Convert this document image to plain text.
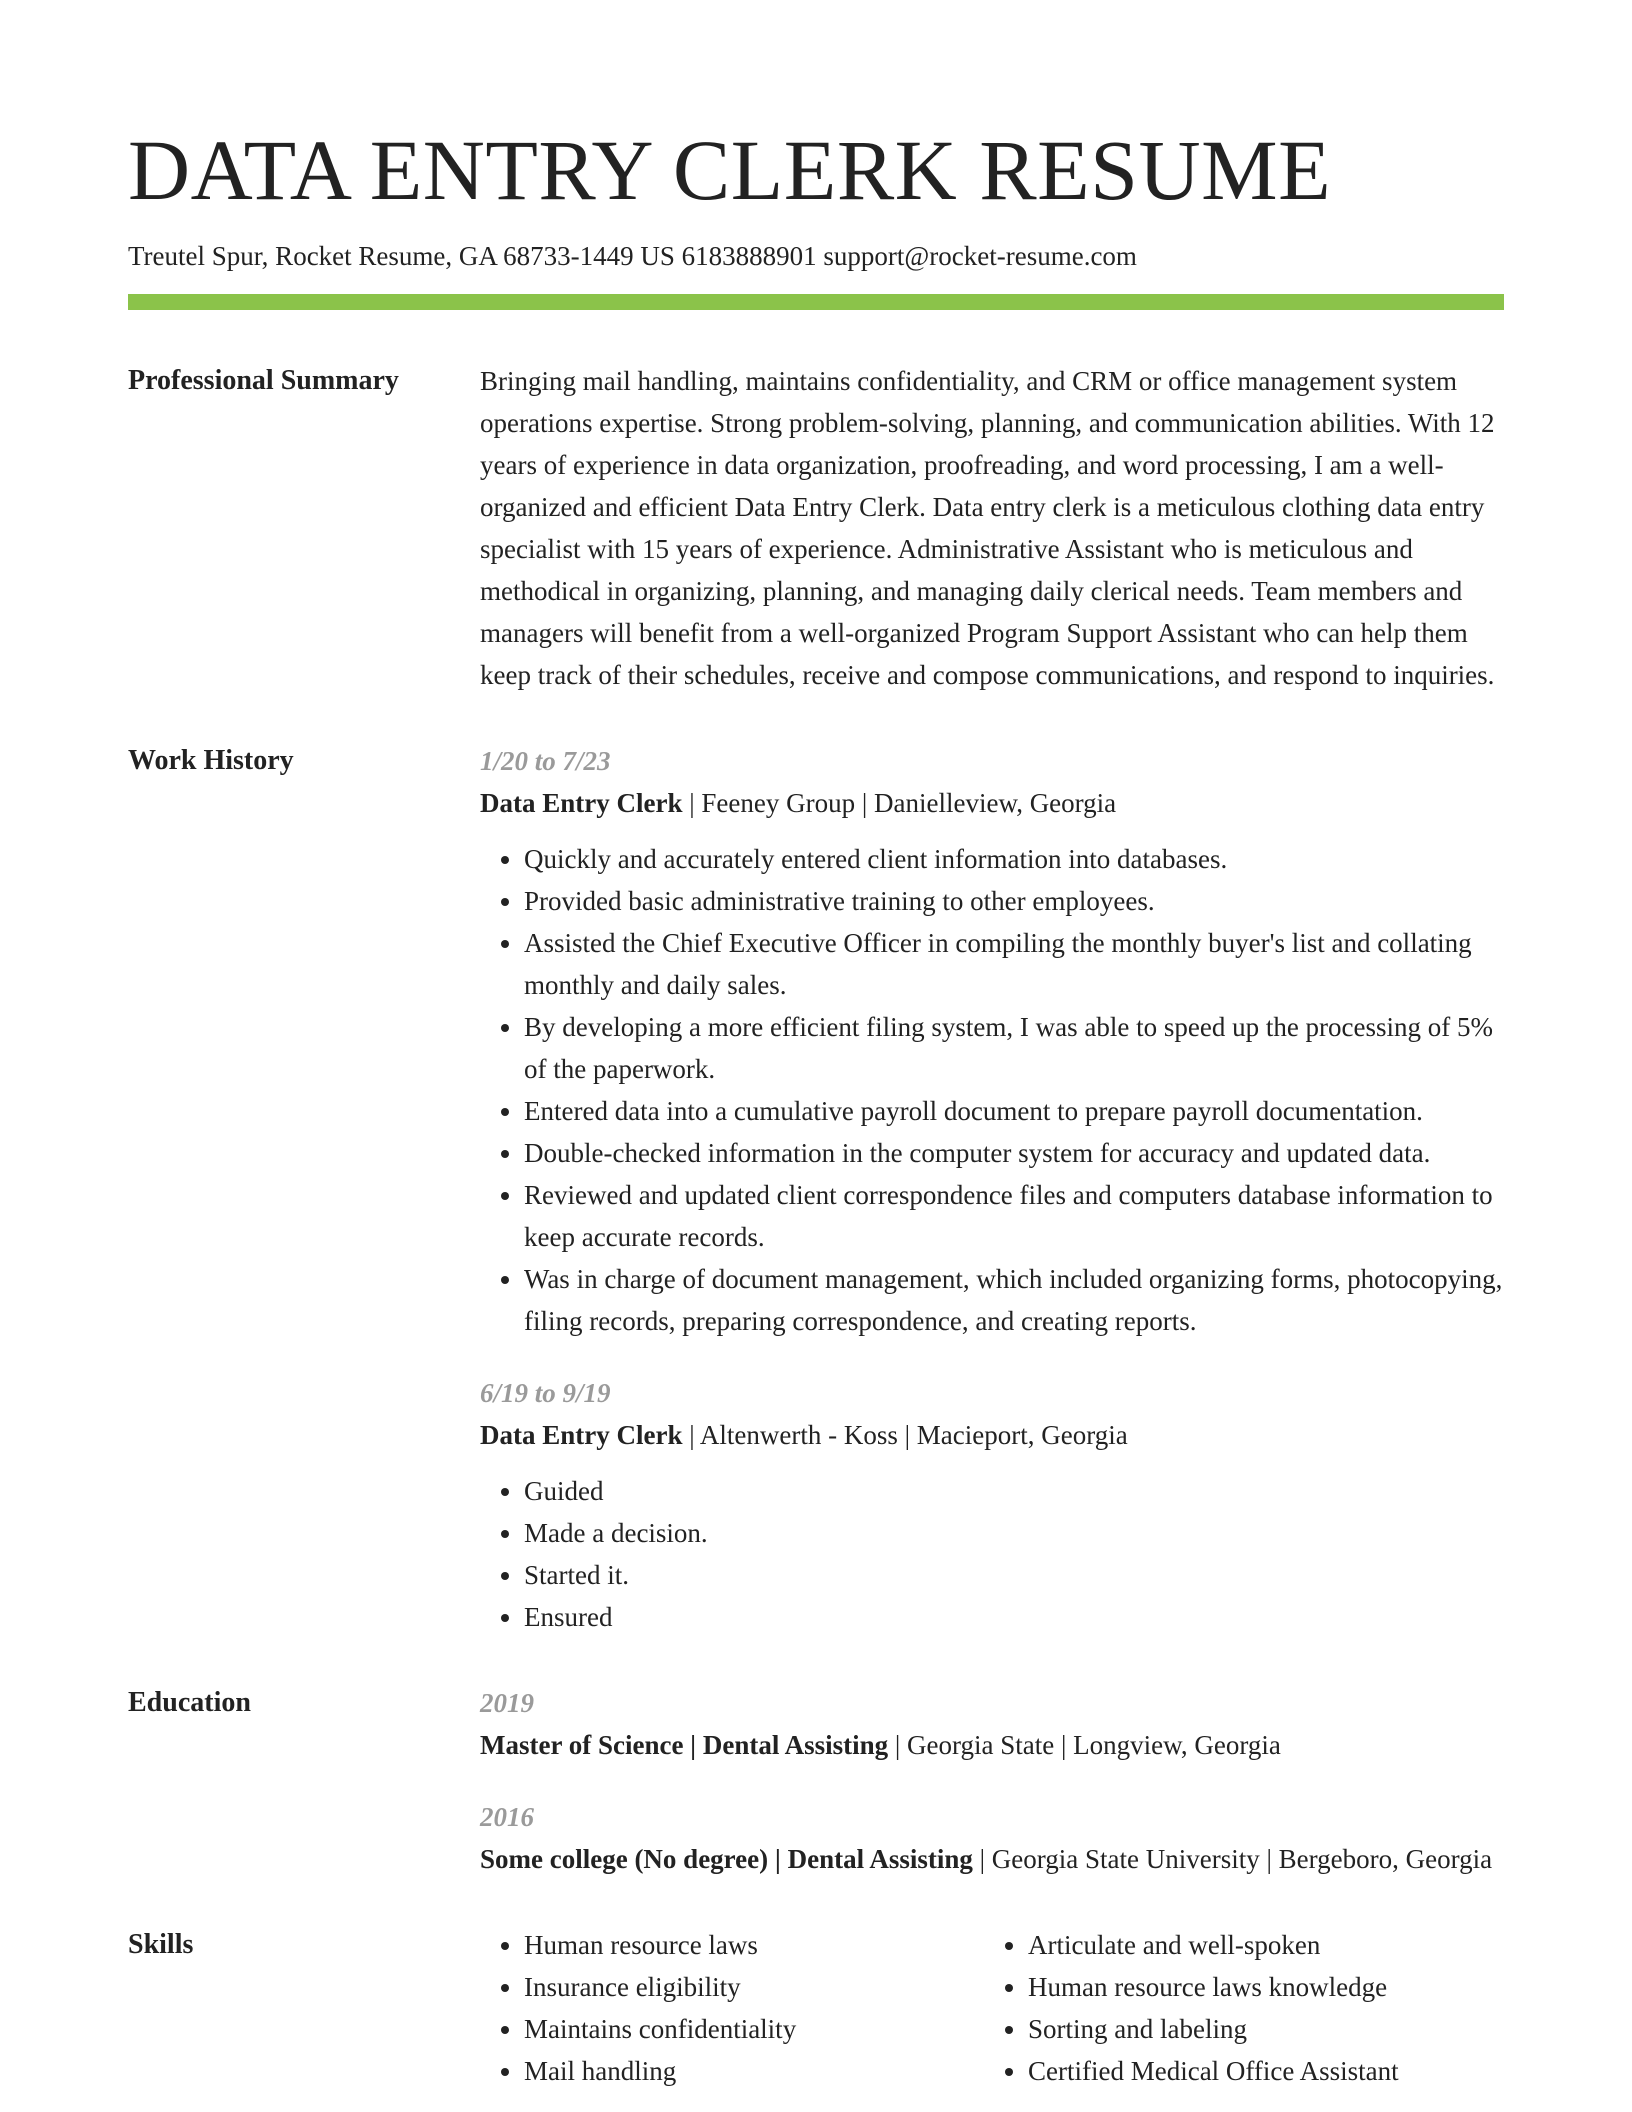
DATA ENTRY CLERK RESUME
Treutel Spur, Rocket Resume, GA 68733-1449 US 6183888901 support@rocket-resume.com
Professional Summary	Bringing mail handling, maintains confidentiality, and CRM or office management system operations expertise. Strong problem-solving, planning, and communication abilities. With 12 years of experience in data organization, proofreading, and word processing, I am a well-organized and efficient Data Entry Clerk. Data entry clerk is a meticulous clothing data entry specialist with 15 years of experience. Administrative Assistant who is meticulous and methodical in organizing, planning, and managing daily clerical needs. Team members and managers will benefit from a well-organized Program Support Assistant who can help them keep track of their schedules, receive and compose communications, and respond to inquiries.

Work History	1/20 to 7/23
Data Entry Clerk | Feeney Group | Danielleview, Georgia
• Quickly and accurately entered client information into databases.
• Provided basic administrative training to other employees.
• Assisted the Chief Executive Officer in compiling the monthly buyer's list and collating monthly and daily sales.
• By developing a more efficient filing system, I was able to speed up the processing of 5% of the paperwork.
• Entered data into a cumulative payroll document to prepare payroll documentation.
• Double-checked information in the computer system for accuracy and updated data.
• Reviewed and updated client correspondence files and computers database information to keep accurate records.
• Was in charge of document management, which included organizing forms, photocopying, filing records, preparing correspondence, and creating reports.
6/19 to 9/19
Data Entry Clerk | Altenwerth - Koss | Macieport, Georgia
• Guided
• Made a decision.
• Started it.
• Ensured
Education	2019
Master of Science | Dental Assisting | Georgia State | Longview, Georgia
2016
Some college (No degree) | Dental Assisting | Georgia State University | Bergeboro, Georgia
Skills
•	Human resource laws
• Insurance eligibility
• Maintains confidentiality
• Mail handling
• Articulate and well-spoken
• Human resource laws knowledge
• Sorting and labeling
• Certified Medical Office Assistant
